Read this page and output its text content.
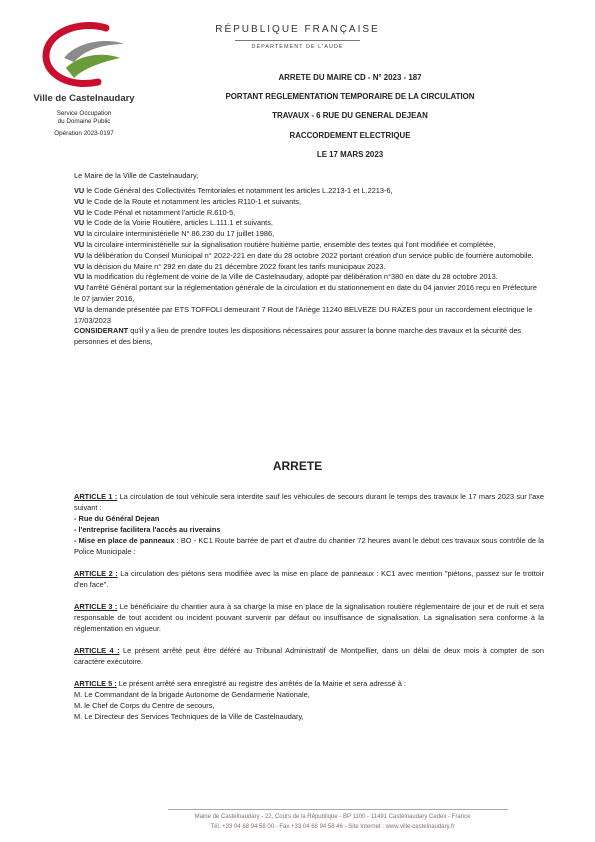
Ville de Castelnaudary
Service Occupation
du Domaine Public
Opération 2023-0197
RÉPUBLIQUE FRANÇAISE
DÉPARTEMENT DE L'AUDE
ARRETE DU MAIRE CD - N° 2023 - 187
PORTANT REGLEMENTATION TEMPORAIRE DE LA CIRCULATION
TRAVAUX - 6 RUE DU GENERAL DEJEAN
RACCORDEMENT ELECTRIQUE
LE 17 MARS 2023
Le Maire de la Ville de Castelnaudary,

VU le Code Général des Collectivités Territoriales et notamment les articles L.2213-1 et L.2213-6,

VU le Code de la Route et notamment les articles R110-1 et suivants,

VU le Code Pénal et notamment l'article R.610-5,

VU le Code de la Voirie Routière, articles L.111.1 et suivants,

VU la circulaire interministérielle N° 86.230 du 17 juillet 1986,

VU la circulaire interministérielle sur la signalisation routière huitième partie, ensemble des textes qui l'ont modifiée et complétée,

VU la délibération du Conseil Municipal n° 2022-221 en date du 28 octobre 2022 portant création d'un service public de fourrière automobile.

VU la décision du Maire n° 292 en date du 21 décembre 2022 fixant les tarifs municipaux 2023.

VU la modification du règlement de voirie de la Ville de Castelnaudary, adopté par délibération n°380 en date du 28 octobre 2013.

VU l'arrêté Général portant sur la réglementation générale de la circulation et du stationnement en date du 04 janvier 2016 reçu en Préfecture le 07 janvier 2016,

VU la demande présentée par ETS TOFFOLI demeurant 7 Rout de l'Ariège 11240 BELVEZE DU RAZES pour un raccordement electrique le 17/03/2023

CONSIDERANT qu'il y a lieu de prendre toutes les dispositions nécessaires pour assurer la bonne marche des travaux et la sécurité des personnes et des biens,

ARRETE
ARTICLE 1 : La circulation de tout véhicule sera interdite sauf les véhicules de secours durant le temps des travaux le 17 mars 2023 sur l'axe suivant :
- Rue du Général Dejean
- l'entreprise facilitera l'accès au riverains
- Mise en place de panneaux : BO - KC1 Route barrée de part et d'autre du chantier 72 heures avant le début ces travaux sous contrôle de la Police Municipale :
ARTICLE 2 : La circulation des piétons sera modifiée avec la mise en place de panneaux : KC1 avec mention "piétons, passez sur le trottoir d'en face".
ARTICLE 3 : Le bénéficiaire du chantier aura à sa charge la mise en place de la signalisation routière réglementaire de jour et de nuit et sera responsable de tout accident ou incident pouvant survenir par défaut ou insuffisance de signalisation. La signalisation sera conforme à la réglementation en vigueur.
ARTICLE 4 : Le présent arrêté peut être déféré au Tribunal Administratif de Montpellier, dans un délai de deux mois à compter de son caractère exécutoire.
ARTICLE 5 : Le présent arrêté sera enregistré au registre des arrêtés de la Mairie et sera adressé à :
M. Le Commandant de la brigade Autonome de Gendarmerie Nationale,
M. le Chef de Corps du Centre de secours,
M. Le Directeur des Services Techniques de la Ville de Castelnaudary,
Mairie de Castelnaudary - 22, Cours de la République - BP 1100 - 11491 Castelnaudary Cedex - France
Tél. +33 04 68 94 58 00 - Fax +33 04 68 94 58 46 - Site Internet : www.ville-castelnaudary.fr
